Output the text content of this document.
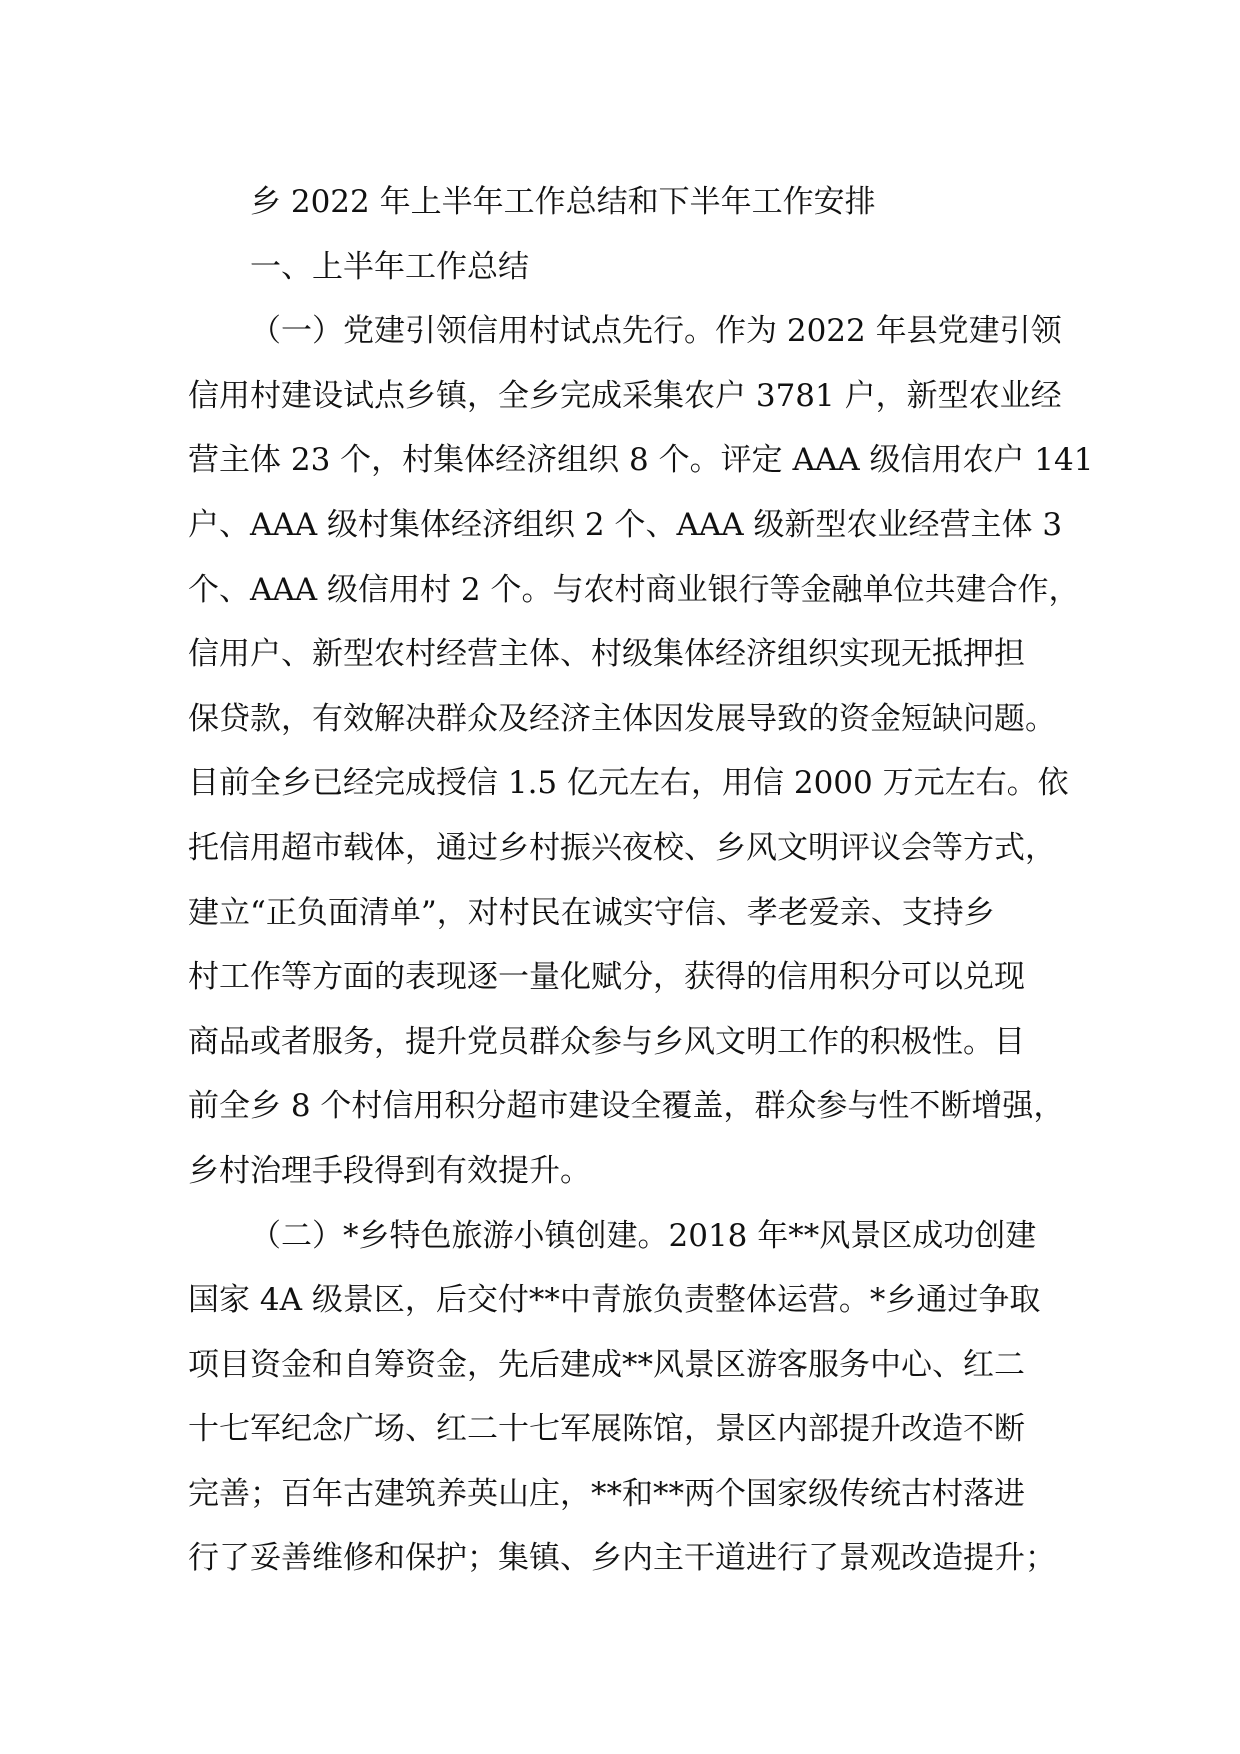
乡 2022 年上半年工作总结和下半年工作安排
一、上半年工作总结
（一）党建引领信用村试点先行。作为 2022 年县党建引领
信用村建设试点乡镇，全乡完成采集农户 3781 户，新型农业经
营主体 23 个，村集体经济组织 8 个。评定 AAA 级信用农户 141
户、AAA 级村集体经济组织 2 个、AAA 级新型农业经营主体 3
个、AAA 级信用村 2 个。与农村商业银行等金融单位共建合作，
信用户、新型农村经营主体、村级集体经济组织实现无抵押担
保贷款，有效解决群众及经济主体因发展导致的资金短缺问题。
目前全乡已经完成授信 1.5 亿元左右，用信 2000 万元左右。依
托信用超市载体，通过乡村振兴夜校、乡风文明评议会等方式，
建立“正负面清单”，对村民在诚实守信、孝老爱亲、支持乡
村工作等方面的表现逐一量化赋分，获得的信用积分可以兑现
商品或者服务，提升党员群众参与乡风文明工作的积极性。目
前全乡 8 个村信用积分超市建设全覆盖，群众参与性不断增强，
乡村治理手段得到有效提升。
（二）*乡特色旅游小镇创建。2018 年**风景区成功创建
国家 4A 级景区，后交付**中青旅负责整体运营。*乡通过争取
项目资金和自筹资金，先后建成**风景区游客服务中心、红二
十七军纪念广场、红二十七军展陈馆，景区内部提升改造不断
完善；百年古建筑养英山庄，**和**两个国家级传统古村落进
行了妥善维修和保护；集镇、乡内主干道进行了景观改造提升；
